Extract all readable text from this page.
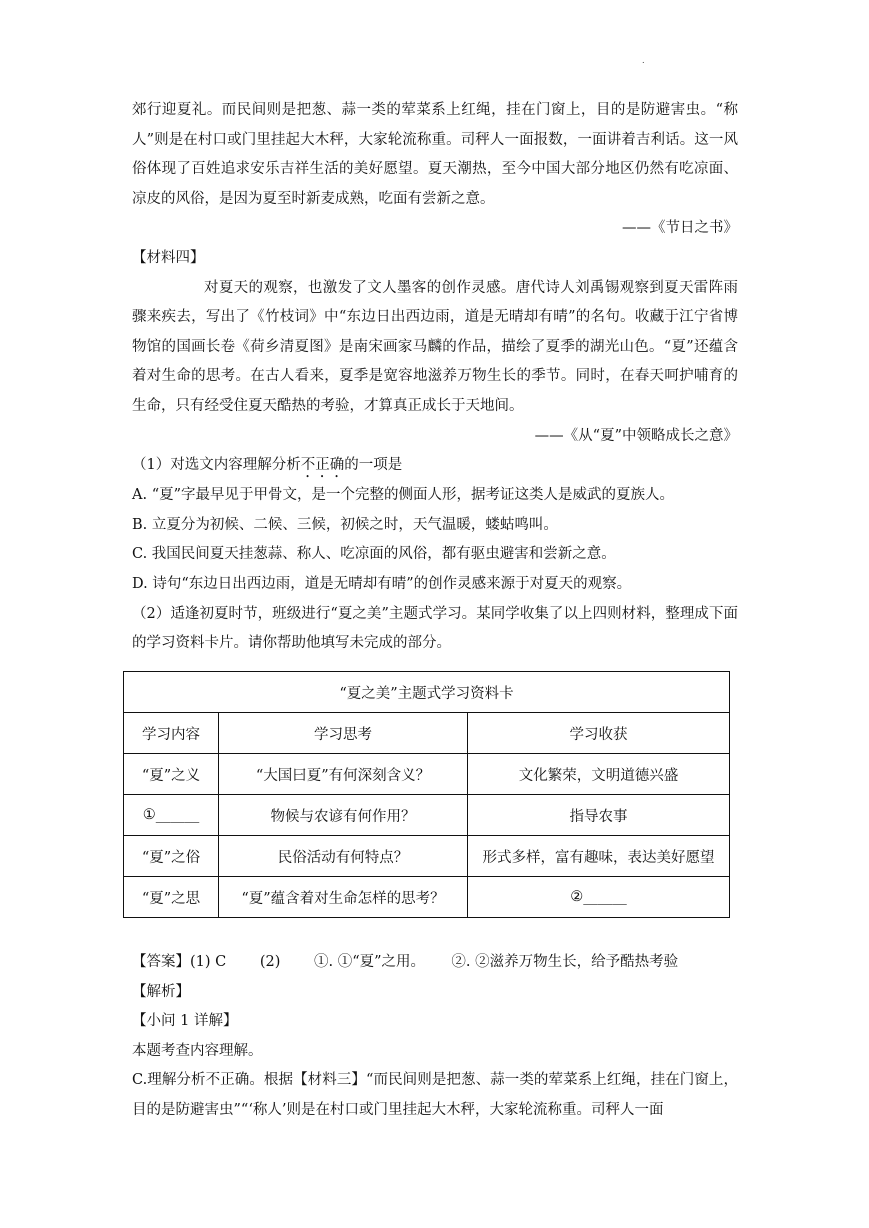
.

郊行迎夏礼。而民间则是把葱、蒜一类的荤菜系上红绳，挂在门窗上，目的是防避害虫。“称人”则是在村口或门里挂起大木秤，大家轮流称重。司秤人一面报数，一面讲着吉利话。这一风俗体现了百姓追求安乐吉祥生活的美好愿望。夏天潮热，至今中国大部分地区仍然有吃凉面、凉皮的风俗，是因为夏至时新麦成熟，吃面有尝新之意。

——《节日之书》

【材料四】

对夏天的观察，也激发了文人墨客的创作灵感。唐代诗人刘禹锡观察到夏天雷阵雨骤来疾去，写出了《竹枝词》中“东边日出西边雨，道是无晴却有晴”的名句。收藏于江宁省博物馆的国画长卷《荷乡清夏图》是南宋画家马麟的作品，描绘了夏季的湖光山色。“夏”还蕴含着对生命的思考。在古人看来，夏季是宽容地滋养万物生长的季节。同时，在春天呵护哺育的生命，只有经受住夏天酷热的考验，才算真正成长于天地间。

——《从“夏”中领略成长之意》

（1）对选文内容理解分析不正确的一项是

A. “夏”字最早见于甲骨文，是一个完整的侧面人形，据考证这类人是威武的夏族人。

B. 立夏分为初候、二候、三候，初候之时，天气温暖，蝼蛄鸣叫。

C. 我国民间夏天挂葱蒜、称人、吃凉面的风俗，都有驱虫避害和尝新之意。

D. 诗句“东边日出西边雨，道是无晴却有晴”的创作灵感来源于对夏天的观察。

（2）适逢初夏时节，班级进行“夏之美”主题式学习。某同学收集了以上四则材料，整理成下面的学习资料卡片。请你帮助他填写未完成的部分。

“夏之美”主题式学习资料卡		
学习内容	学习思考	学习收获
“夏”之义	“大国曰夏”有何深刻含义？	文化繁荣，文明道德兴盛
①______	物候与农谚有何作用？	指导农事
“夏”之俗	民俗活动有何特点？	形式多样，富有趣味，表达美好愿望
“夏”之思	“夏”蕴含着对生命怎样的思考？	②______

【答案】(1) C　　 (2)　　 ①. ①“夏”之用。　　 ②. ②滋养万物生长，给予酷热考验

【解析】

【小问 1 详解】

本题考查内容理解。

C.理解分析不正确。根据【材料三】“而民间则是把葱、蒜一类的荤菜系上红绳，挂在门窗上，目的是防避害虫”“‘称人’则是在村口或门里挂起大木秤，大家轮流称重。司秤人一面
